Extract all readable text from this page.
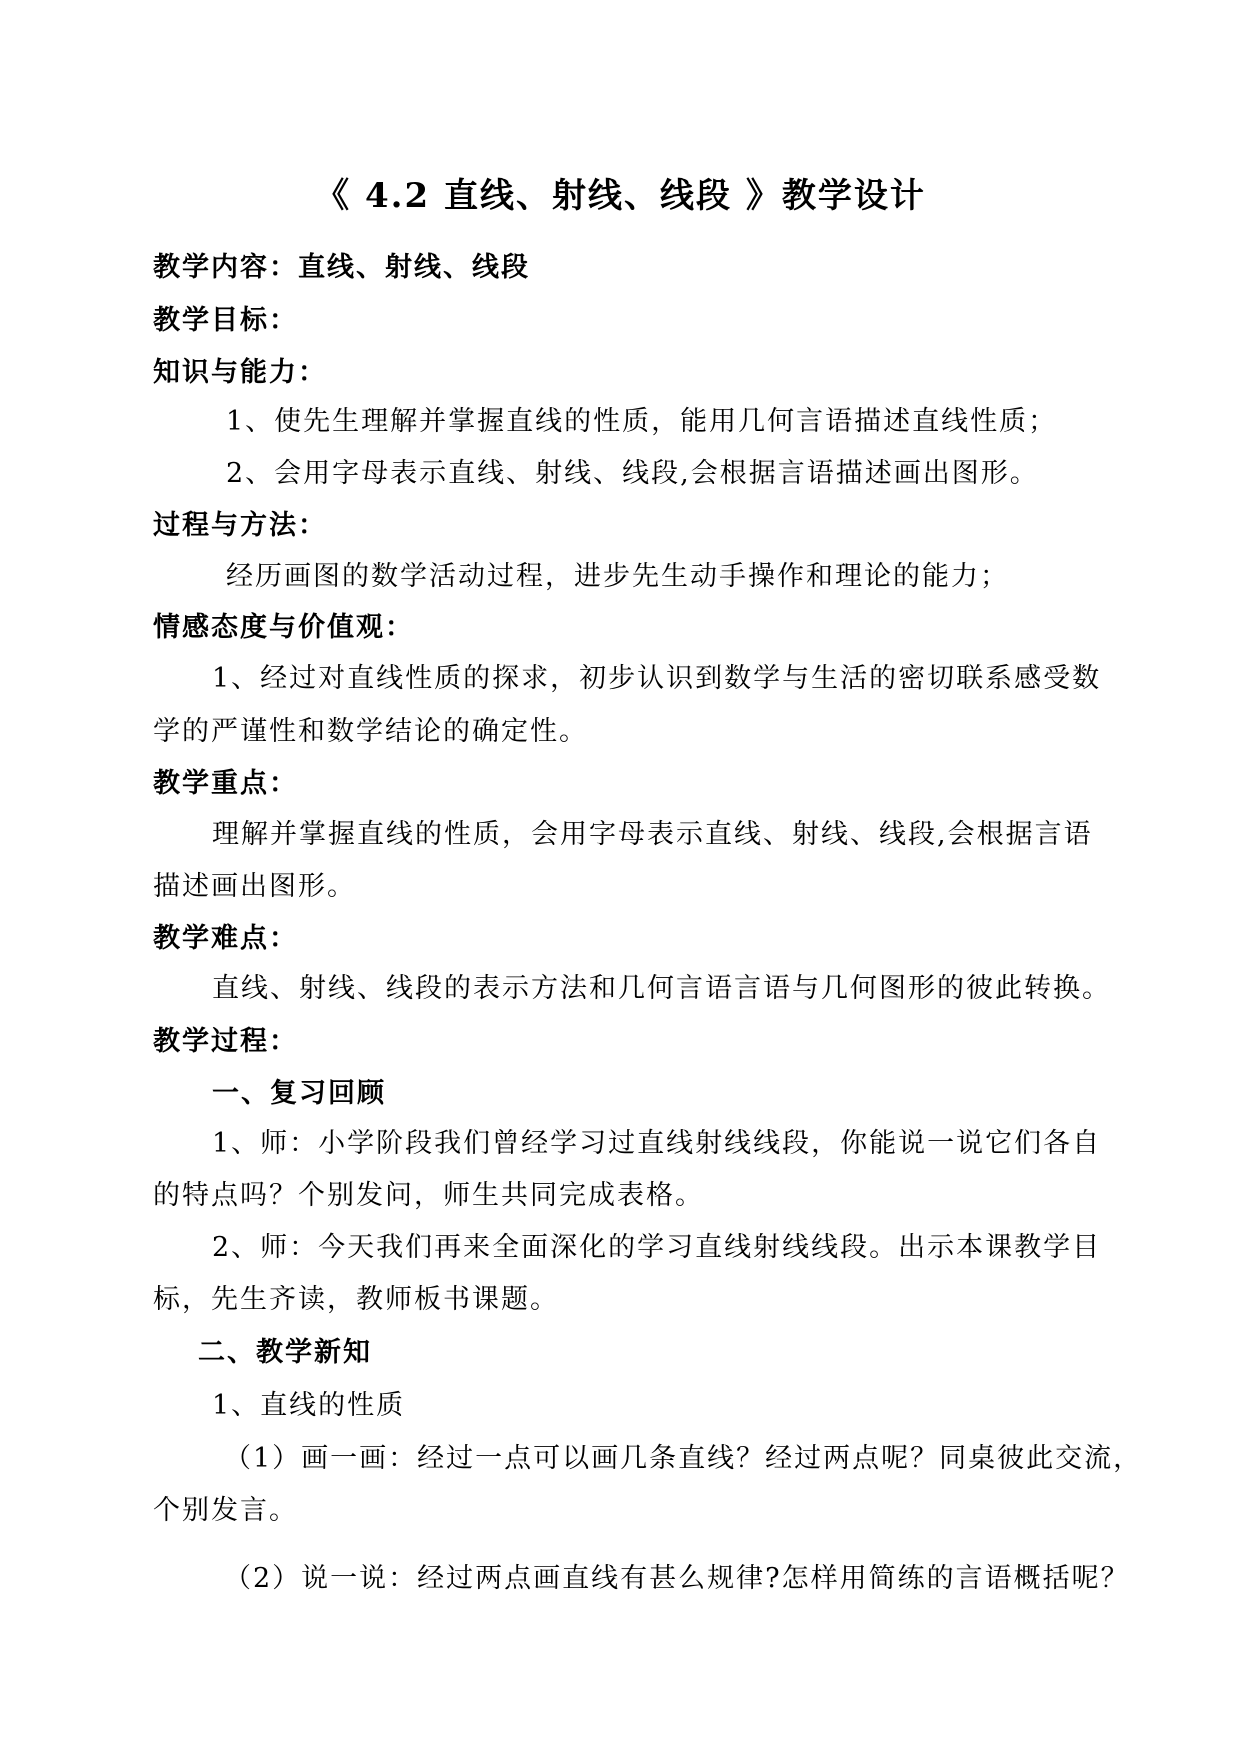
《 4.2 直线、射线、线段 》教学设计
教学内容：直线、射线、线段
教学目标：
知识与能力：
1、使先生理解并掌握直线的性质，能用几何言语描述直线性质；
2、会用字母表示直线、射线、线段,会根据言语描述画出图形。
过程与方法：
经历画图的数学活动过程，进步先生动手操作和理论的能力；
情感态度与价值观：
1、经过对直线性质的探求，初步认识到数学与生活的密切联系感受数
学的严谨性和数学结论的确定性。
教学重点：
理解并掌握直线的性质，会用字母表示直线、射线、线段,会根据言语
描述画出图形。
教学难点：
直线、射线、线段的表示方法和几何言语言语与几何图形的彼此转换。
教学过程：
一、复习回顾
1、师：小学阶段我们曾经学习过直线射线线段，你能说一说它们各自
的特点吗？个别发问，师生共同完成表格。
2、师：今天我们再来全面深化的学习直线射线线段。出示本课教学目
标，先生齐读，教师板书课题。
二、教学新知
1、直线的性质
（1）画一画：经过一点可以画几条直线？经过两点呢？同桌彼此交流，
个别发言。
（2）说一说：经过两点画直线有甚么规律?怎样用简练的言语概括呢？
